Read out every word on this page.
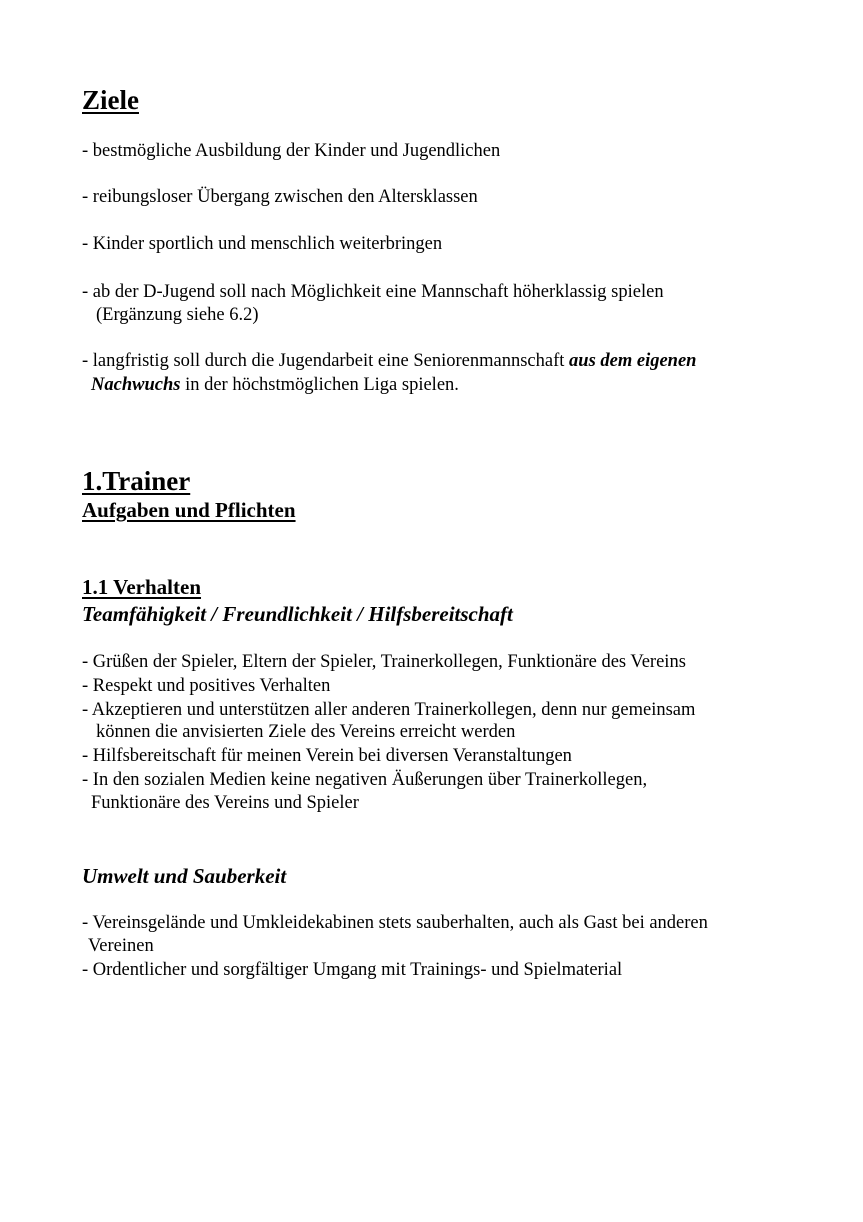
Ziele
- bestmögliche Ausbildung der Kinder und Jugendlichen
- reibungsloser Übergang zwischen den Altersklassen
- Kinder sportlich und menschlich weiterbringen
- ab der D-Jugend soll nach Möglichkeit eine Mannschaft höherklassig spielen
(Ergänzung siehe 6.2)
- langfristig soll durch die Jugendarbeit eine Seniorenmannschaft aus dem eigenen
Nachwuchs in der höchstmöglichen Liga spielen.
1.Trainer
Aufgaben und Pflichten
1.1 Verhalten
Teamfähigkeit / Freundlichkeit / Hilfsbereitschaft
- Grüßen der Spieler, Eltern der Spieler, Trainerkollegen, Funktionäre des Vereins
- Respekt und positives Verhalten
- Akzeptieren und unterstützen aller anderen Trainerkollegen, denn nur gemeinsam
können die anvisierten Ziele des Vereins erreicht werden
- Hilfsbereitschaft für meinen Verein bei diversen Veranstaltungen
- In den sozialen Medien keine negativen Äußerungen über Trainerkollegen,
Funktionäre des Vereins und Spieler
Umwelt und Sauberkeit
- Vereinsgelände und Umkleidekabinen stets sauberhalten, auch als Gast bei anderen
Vereinen
- Ordentlicher und sorgfältiger Umgang mit Trainings- und Spielmaterial
